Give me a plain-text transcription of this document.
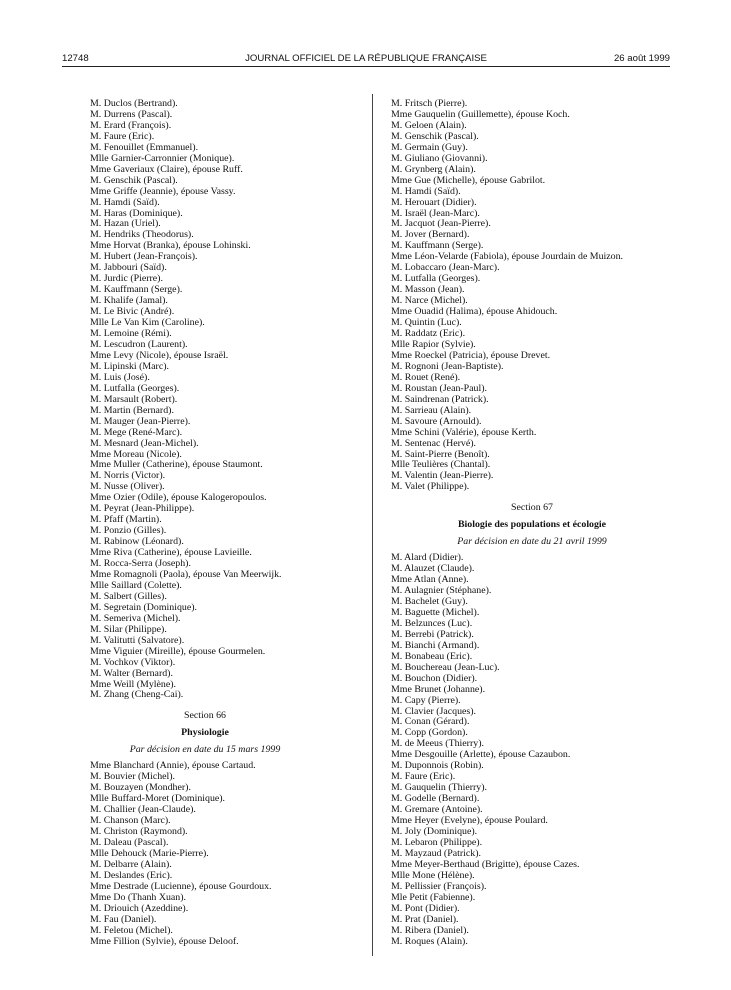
12748	JOURNAL OFFICIEL DE LA RÉPUBLIQUE FRANÇAISE	26 août 1999
M. Duclos (Bertrand).
M. Durrens (Pascal).
M. Erard (François).
M. Faure (Eric).
M. Fenouillet (Emmanuel).
Mlle Garnier-Carronnier (Monique).
Mme Gaveriaux (Claire), épouse Ruff.
M. Genschik (Pascal).
Mme Griffe (Jeannie), épouse Vassy.
M. Hamdi (Saïd).
M. Haras (Dominique).
M. Hazan (Uriel).
M. Hendriks (Theodorus).
Mme Horvat (Branka), épouse Lohinski.
M. Hubert (Jean-François).
M. Jabbouri (Saïd).
M. Jurdic (Pierre).
M. Kauffmann (Serge).
M. Khalife (Jamal).
M. Le Bivic (André).
Mlle Le Van Kim (Caroline).
M. Lemoine (Rémi).
M. Lescudron (Laurent).
Mme Levy (Nicole), épouse Israël.
M. Lipinski (Marc).
M. Luis (José).
M. Lutfalla (Georges).
M. Marsault (Robert).
M. Martin (Bernard).
M. Mauger (Jean-Pierre).
M. Mege (René-Marc).
M. Mesnard (Jean-Michel).
Mme Moreau (Nicole).
Mme Muller (Catherine), épouse Staumont.
M. Norris (Victor).
M. Nusse (Oliver).
Mme Ozier (Odile), épouse Kalogeropoulos.
M. Peyrat (Jean-Philippe).
M. Pfaff (Martin).
M. Ponzio (Gilles).
M. Rabinow (Léonard).
Mme Riva (Catherine), épouse Lavieille.
M. Rocca-Serra (Joseph).
Mme Romagnoli (Paola), épouse Van Meerwijk.
Mlle Saillard (Colette).
M. Salbert (Gilles).
M. Segretain (Dominique).
M. Semeriva (Michel).
M. Silar (Philippe).
M. Valitutti (Salvatore).
Mme Viguier (Mireille), épouse Gourmelen.
M. Vochkov (Viktor).
M. Walter (Bernard).
Mme Weill (Mylène).
M. Zhang (Cheng-Cai).
Section 66
Physiologie
Par décision en date du 15 mars 1999
Mme Blanchard (Annie), épouse Cartaud.
M. Bouvier (Michel).
M. Bouzayen (Mondher).
Mlle Buffard-Moret (Dominique).
M. Challier (Jean-Claude).
M. Chanson (Marc).
M. Christon (Raymond).
M. Daleau (Pascal).
Mlle Dehouck (Marie-Pierre).
M. Delbarre (Alain).
M. Deslandes (Eric).
Mme Destrade (Lucienne), épouse Gourdoux.
Mme Do (Thanh Xuan).
M. Driouich (Azeddine).
M. Fau (Daniel).
M. Feletou (Michel).
Mme Fillion (Sylvie), épouse Deloof.
M. Fritsch (Pierre).
Mme Gauquelin (Guillemette), épouse Koch.
M. Geloen (Alain).
M. Genschik (Pascal).
M. Germain (Guy).
M. Giuliano (Giovanni).
M. Grynberg (Alain).
Mme Gue (Michelle), épouse Gabrilot.
M. Hamdi (Saïd).
M. Herouart (Didier).
M. Israël (Jean-Marc).
M. Jacquot (Jean-Pierre).
M. Jover (Bernard).
M. Kauffmann (Serge).
Mme Léon-Velarde (Fabiola), épouse Jourdain de Muizon.
M. Lobaccaro (Jean-Marc).
M. Lutfalla (Georges).
M. Masson (Jean).
M. Narce (Michel).
Mme Ouadid (Halima), épouse Ahidouch.
M. Quintin (Luc).
M. Raddatz (Eric).
Mlle Rapior (Sylvie).
Mme Roeckel (Patricia), épouse Drevet.
M. Rognoni (Jean-Baptiste).
M. Rouet (René).
M. Roustan (Jean-Paul).
M. Saindrenan (Patrick).
M. Sarrieau (Alain).
M. Savoure (Arnould).
Mme Schini (Valérie), épouse Kerth.
M. Sentenac (Hervé).
M. Saint-Pierre (Benoît).
Mlle Teulières (Chantal).
M. Valentin (Jean-Pierre).
M. Valet (Philippe).
Section 67
Biologie des populations et écologie
Par décision en date du 21 avril 1999
M. Alard (Didier).
M. Alauzet (Claude).
Mme Atlan (Anne).
M. Aulagnier (Stéphane).
M. Bachelet (Guy).
M. Baguette (Michel).
M. Belzunces (Luc).
M. Berrebi (Patrick).
M. Bianchi (Armand).
M. Bonabeau (Eric).
M. Bouchereau (Jean-Luc).
M. Bouchon (Didier).
Mme Brunet (Johanne).
M. Capy (Pierre).
M. Clavier (Jacques).
M. Conan (Gérard).
M. Copp (Gordon).
M. de Meeus (Thierry).
Mme Desgouille (Arlette), épouse Cazaubon.
M. Duponnois (Robin).
M. Faure (Eric).
M. Gauquelin (Thierry).
M. Godelle (Bernard).
M. Gremare (Antoine).
Mme Heyer (Evelyne), épouse Poulard.
M. Joly (Dominique).
M. Lebaron (Philippe).
M. Mayzaud (Patrick).
Mme Meyer-Berthaud (Brigitte), épouse Cazes.
Mlle Mone (Hélène).
M. Pellissier (François).
Mle Petit (Fabienne).
M. Pont (Didier).
M. Prat (Daniel).
M. Ribera (Daniel).
M. Roques (Alain).
